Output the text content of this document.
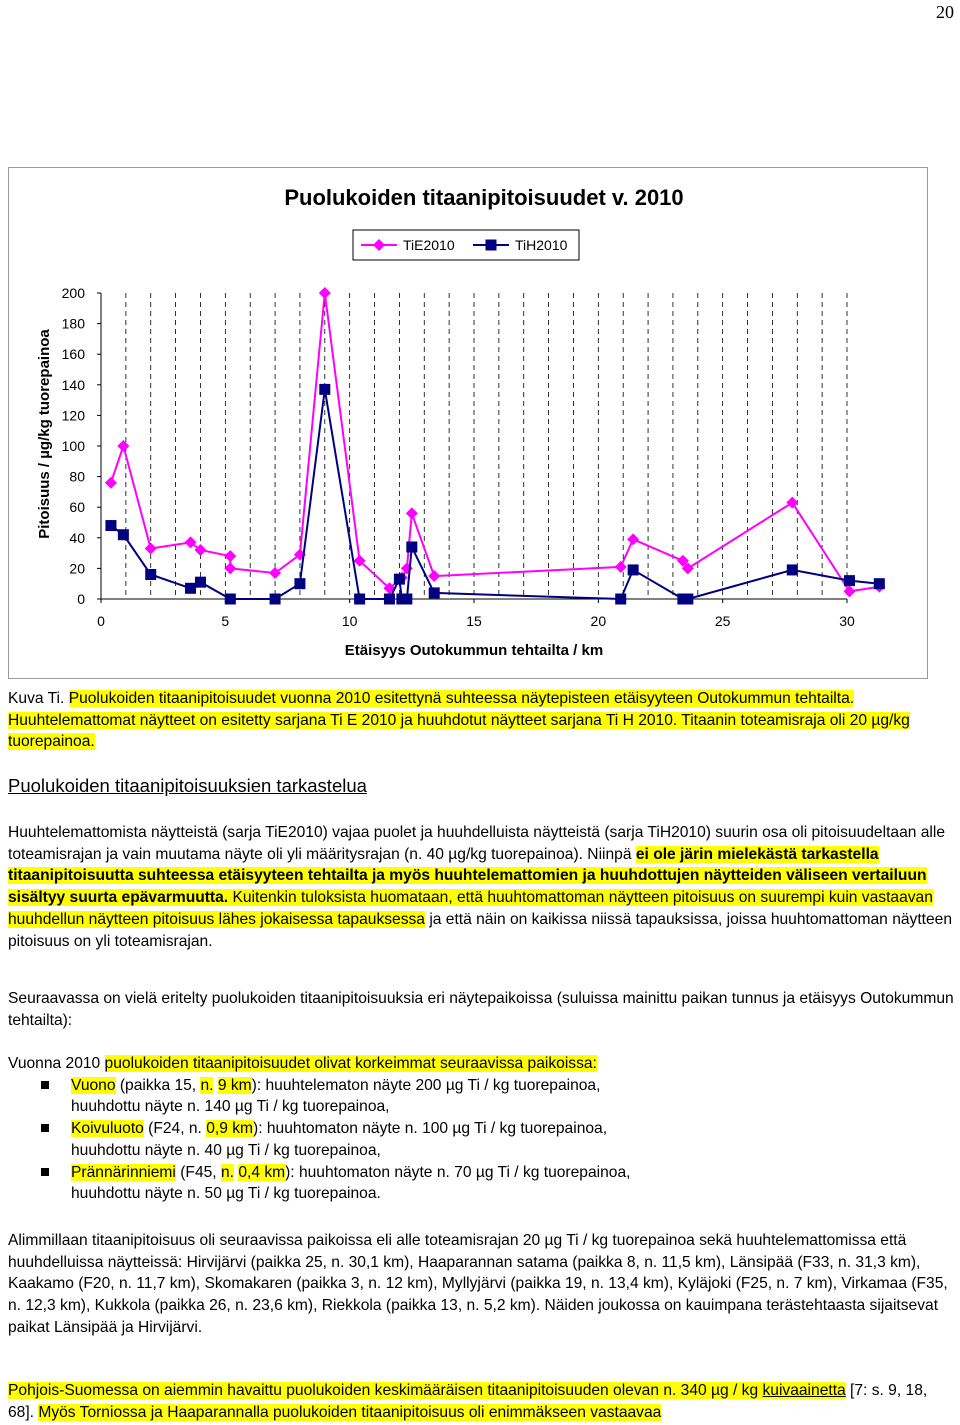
20
Puolukoiden titaanipitoisuudet v. 2010
TiE2010	TiH2010
0
20
40
60
80
100
120
140
160
180
200
0	5	10	15	20	25	30
Etäisyys Outokummun tehtailta / km
Pitoisuus / µg/kg tuorepainoa
Kuva Ti. Puolukoiden titaanipitoisuudet vuonna 2010 esitettynä suhteessa näytepisteen etäisyyteen Outokummun tehtailta. Huuhtelemattomat näytteet on esitetty sarjana Ti E 2010 ja huuhdotut näytteet sarjana Ti H 2010. Titaanin toteamisraja oli 20 µg/kg tuorepainoa.
Puolukoiden titaanipitoisuuksien tarkastelua
Huuhtelemattomista näytteistä (sarja TiE2010) vajaa puolet ja huuhdelluista näytteistä (sarja TiH2010) suurin osa oli pitoisuudeltaan alle toteamisrajan ja vain muutama näyte oli yli määritysrajan (n. 40 µg/kg tuorepainoa). Niinpä ei ole järin mielekästä tarkastella titaanipitoisuutta suhteessa etäisyyteen tehtailta ja myös huuhtelemattomien ja huuhdottujen näytteiden väliseen vertailuun sisältyy suurta epävarmuutta. Kuitenkin tuloksista huomataan, että huuhtomattoman näytteen pitoisuus on suurempi kuin vastaavan huuhdellun näytteen pitoisuus lähes jokaisessa tapauksessa ja että näin on kaikissa niissä tapauksissa, joissa huuhtomattoman näytteen pitoisuus on yli toteamisrajan.
Seuraavassa on vielä eritelty puolukoiden titaanipitoisuuksia eri näytepaikoissa (suluissa mainittu paikan tunnus ja etäisyys Outokummun tehtailta):
Vuonna 2010 puolukoiden titaanipitoisuudet olivat korkeimmat seuraavissa paikoissa:
Vuono (paikka 15, n. 9 km): huuhtelematon näyte 200 µg Ti / kg tuorepainoa,
huuhdottu näyte n. 140 µg Ti / kg tuorepainoa,
Koivuluoto (F24, n. 0,9 km): huuhtomaton näyte n. 100 µg Ti / kg tuorepainoa,
huuhdottu näyte n. 40 µg Ti / kg tuorepainoa,
Prännärinniemi (F45, n. 0,4 km): huuhtomaton näyte n. 70 µg Ti / kg tuorepainoa,
huuhdottu näyte n. 50 µg Ti / kg tuorepainoa.
Alimmillaan titaanipitoisuus oli seuraavissa paikoissa eli alle toteamisrajan 20 µg Ti / kg tuorepainoa sekä huuhtelemattomissa että huuhdelluissa näytteissä: Hirvijärvi (paikka 25, n. 30,1 km), Haaparannan satama (paikka 8, n. 11,5 km), Länsipää (F33, n. 31,3 km), Kaakamo (F20, n. 11,7 km), Skomakaren (paikka 3, n. 12 km), Myllyjärvi (paikka 19, n. 13,4 km), Kyläjoki (F25, n. 7 km), Virkamaa (F35, n. 12,3 km), Kukkola (paikka 26, n. 23,6 km), Riekkola (paikka 13, n. 5,2 km). Näiden joukossa on kauimpana terästehtaasta sijaitsevat paikat Länsipää ja Hirvijärvi.
Pohjois-Suomessa on aiemmin havaittu puolukoiden keskimääräisen titaanipitoisuuden olevan n. 340 µg / kg kuivaainetta [7: s. 9, 18, 68]. Myös Torniossa ja Haaparannalla puolukoiden titaanipitoisuus oli enimmäkseen vastaavaa
